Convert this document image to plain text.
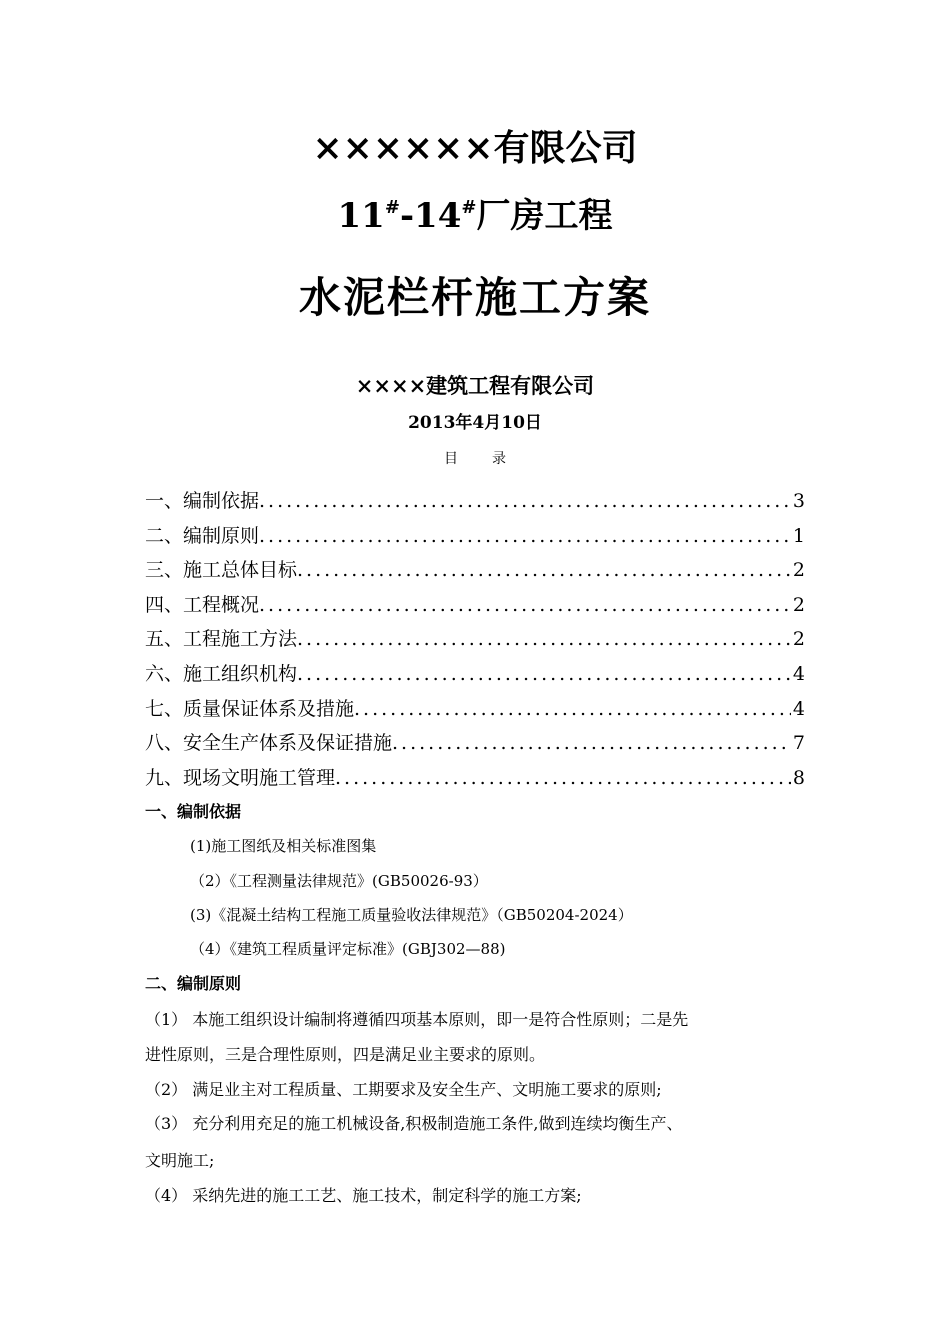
××××××有限公司
11#-14#厂房工程
水泥栏杆施工方案
××××建筑工程有限公司
2013年4月10日
目 录
一、编制依据 .....	3
二、编制原则 .....	1
三、施工总体目标 .....	2
四、工程概况 .....	2
五、工程施工方法 .....	2
六、施工组织机构 .....	4
七、质量保证体系及措施 .....	4
八、安全生产体系及保证措施 .....	7
九、现场文明施工管理 .....	8
一、编制依据
(1)施工图纸及相关标准图集
（2）《工程测量法律规范》(GB50026-93）
(3)《混凝土结构工程施工质量验收法律规范》（GB50204-2024）
（4）《建筑工程质量评定标准》(GBJ302—88)
二、编制原则
（1） 本施工组织设计编制将遵循四项基本原则，即一是符合性原则；二是先
进性原则，三是合理性原则，四是满足业主要求的原则。
（2） 满足业主对工程质量、工期要求及安全生产、文明施工要求的原则;
（3） 充分利用充足的施工机械设备,积极制造施工条件,做到连续均衡生产、
文明施工;
（4） 采纳先进的施工工艺、施工技术，制定科学的施工方案;
